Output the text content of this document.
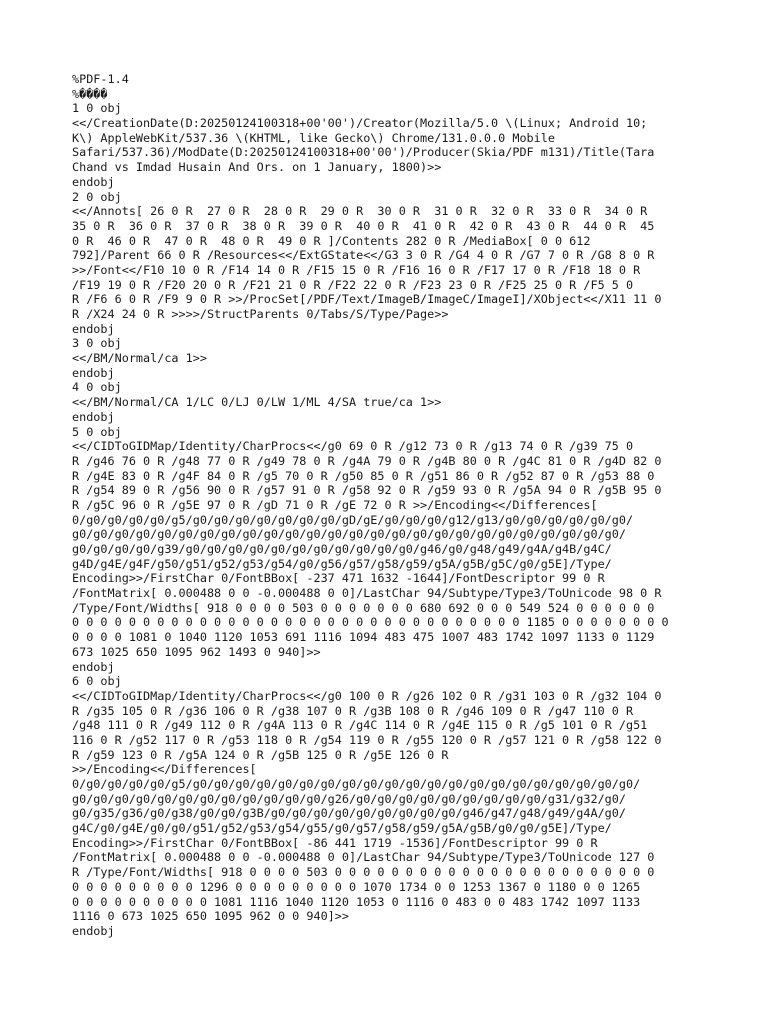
%PDF-1.4
%����
1 0 obj
<</CreationDate(D:20250124100318+00'00')/Creator(Mozilla/5.0 \(Linux; Android 10;
K\) AppleWebKit/537.36 \(KHTML, like Gecko\) Chrome/131.0.0.0 Mobile
Safari/537.36)/ModDate(D:20250124100318+00'00')/Producer(Skia/PDF m131)/Title(Tara
Chand vs Imdad Husain And Ors. on 1 January, 1800)>>
endobj
2 0 obj
<</Annots[ 26 0 R  27 0 R  28 0 R  29 0 R  30 0 R  31 0 R  32 0 R  33 0 R  34 0 R
35 0 R  36 0 R  37 0 R  38 0 R  39 0 R  40 0 R  41 0 R  42 0 R  43 0 R  44 0 R  45
0 R  46 0 R  47 0 R  48 0 R  49 0 R ]/Contents 282 0 R /MediaBox[ 0 0 612
792]/Parent 66 0 R /Resources<</ExtGState<</G3 3 0 R /G4 4 0 R /G7 7 0 R /G8 8 0 R
>>/Font<</F10 10 0 R /F14 14 0 R /F15 15 0 R /F16 16 0 R /F17 17 0 R /F18 18 0 R
/F19 19 0 R /F20 20 0 R /F21 21 0 R /F22 22 0 R /F23 23 0 R /F25 25 0 R /F5 5 0
R /F6 6 0 R /F9 9 0 R >>/ProcSet[/PDF/Text/ImageB/ImageC/ImageI]/XObject<</X11 11 0
R /X24 24 0 R >>>>/StructParents 0/Tabs/S/Type/Page>>
endobj
3 0 obj
<</BM/Normal/ca 1>>
endobj
4 0 obj
<</BM/Normal/CA 1/LC 0/LJ 0/LW 1/ML 4/SA true/ca 1>>
endobj
5 0 obj
<</CIDToGIDMap/Identity/CharProcs<</g0 69 0 R /g12 73 0 R /g13 74 0 R /g39 75 0
R /g46 76 0 R /g48 77 0 R /g49 78 0 R /g4A 79 0 R /g4B 80 0 R /g4C 81 0 R /g4D 82 0
R /g4E 83 0 R /g4F 84 0 R /g5 70 0 R /g50 85 0 R /g51 86 0 R /g52 87 0 R /g53 88 0
R /g54 89 0 R /g56 90 0 R /g57 91 0 R /g58 92 0 R /g59 93 0 R /g5A 94 0 R /g5B 95 0
R /g5C 96 0 R /g5E 97 0 R /gD 71 0 R /gE 72 0 R >>/Encoding<</Differences[
0/g0/g0/g0/g0/g5/g0/g0/g0/g0/g0/g0/g0/gD/gE/g0/g0/g0/g12/g13/g0/g0/g0/g0/g0/g0/
g0/g0/g0/g0/g0/g0/g0/g0/g0/g0/g0/g0/g0/g0/g0/g0/g0/g0/g0/g0/g0/g0/g0/g0/g0/g0/
g0/g0/g0/g0/g39/g0/g0/g0/g0/g0/g0/g0/g0/g0/g0/g0/g46/g0/g48/g49/g4A/g4B/g4C/
g4D/g4E/g4F/g50/g51/g52/g53/g54/g0/g56/g57/g58/g59/g5A/g5B/g5C/g0/g5E]/Type/
Encoding>>/FirstChar 0/FontBBox[ -237 471 1632 -1644]/FontDescriptor 99 0 R
/FontMatrix[ 0.000488 0 0 -0.000488 0 0]/LastChar 94/Subtype/Type3/ToUnicode 98 0 R
/Type/Font/Widths[ 918 0 0 0 0 503 0 0 0 0 0 0 0 680 692 0 0 0 549 524 0 0 0 0 0 0
0 0 0 0 0 0 0 0 0 0 0 0 0 0 0 0 0 0 0 0 0 0 0 0 0 0 0 0 0 0 0 0 1185 0 0 0 0 0 0 0 0
0 0 0 0 1081 0 1040 1120 1053 691 1116 1094 483 475 1007 483 1742 1097 1133 0 1129
673 1025 650 1095 962 1493 0 940]>>
endobj
6 0 obj
<</CIDToGIDMap/Identity/CharProcs<</g0 100 0 R /g26 102 0 R /g31 103 0 R /g32 104 0
R /g35 105 0 R /g36 106 0 R /g38 107 0 R /g3B 108 0 R /g46 109 0 R /g47 110 0 R
/g48 111 0 R /g49 112 0 R /g4A 113 0 R /g4C 114 0 R /g4E 115 0 R /g5 101 0 R /g51
116 0 R /g52 117 0 R /g53 118 0 R /g54 119 0 R /g55 120 0 R /g57 121 0 R /g58 122 0
R /g59 123 0 R /g5A 124 0 R /g5B 125 0 R /g5E 126 0 R
>>/Encoding<</Differences[
0/g0/g0/g0/g0/g5/g0/g0/g0/g0/g0/g0/g0/g0/g0/g0/g0/g0/g0/g0/g0/g0/g0/g0/g0/g0/g0/
g0/g0/g0/g0/g0/g0/g0/g0/g0/g0/g0/g0/g26/g0/g0/g0/g0/g0/g0/g0/g0/g0/g31/g32/g0/
g0/g35/g36/g0/g38/g0/g0/g3B/g0/g0/g0/g0/g0/g0/g0/g0/g0/g46/g47/g48/g49/g4A/g0/
g4C/g0/g4E/g0/g0/g51/g52/g53/g54/g55/g0/g57/g58/g59/g5A/g5B/g0/g0/g5E]/Type/
Encoding>>/FirstChar 0/FontBBox[ -86 441 1719 -1536]/FontDescriptor 99 0 R
/FontMatrix[ 0.000488 0 0 -0.000488 0 0]/LastChar 94/Subtype/Type3/ToUnicode 127 0
R /Type/Font/Widths[ 918 0 0 0 0 503 0 0 0 0 0 0 0 0 0 0 0 0 0 0 0 0 0 0 0 0 0 0 0
0 0 0 0 0 0 0 0 0 1296 0 0 0 0 0 0 0 0 0 1070 1734 0 0 1253 1367 0 1180 0 0 1265
0 0 0 0 0 0 0 0 0 0 1081 1116 1040 1120 1053 0 1116 0 483 0 0 483 1742 1097 1133
1116 0 673 1025 650 1095 962 0 0 940]>>
endobj
